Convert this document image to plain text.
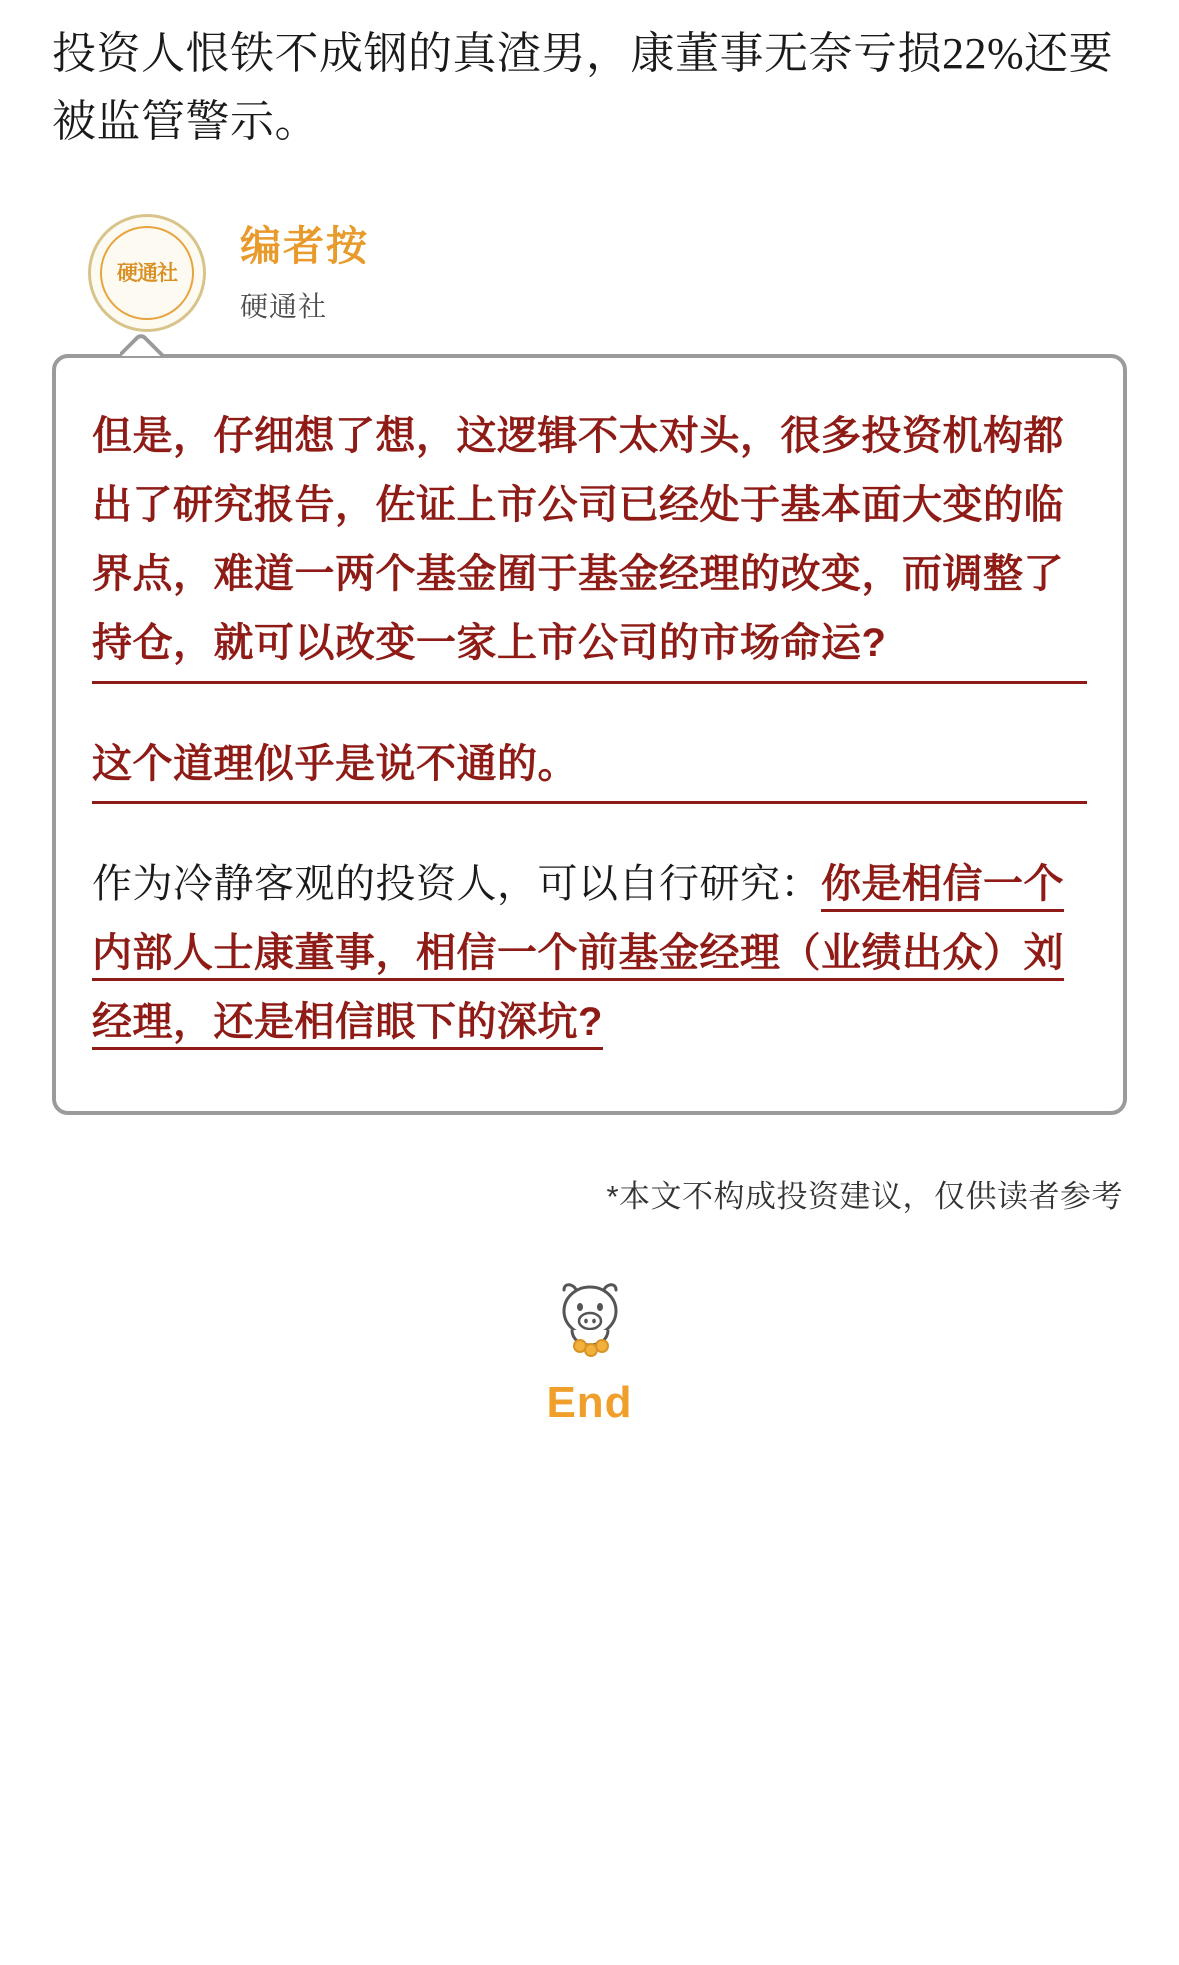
投资人恨铁不成钢的真渣男，康董事无奈亏损22%还要被监管警示。
硬通社
编者按
硬通社

但是，仔细想了想，这逻辑不太对头，很多投资机构都出了研究报告，佐证上市公司已经处于基本面大变的临界点，难道一两个基金囿于基金经理的改变，而调整了持仓，就可以改变一家上市公司的市场命运?

这个道理似乎是说不通的。

作为冷静客观的投资人，可以自行研究：你是相信一个内部人士康董事，相信一个前基金经理（业绩出众）刘经理，还是相信眼下的深坑?

*本文不构成投资建议，仅供读者参考
End
